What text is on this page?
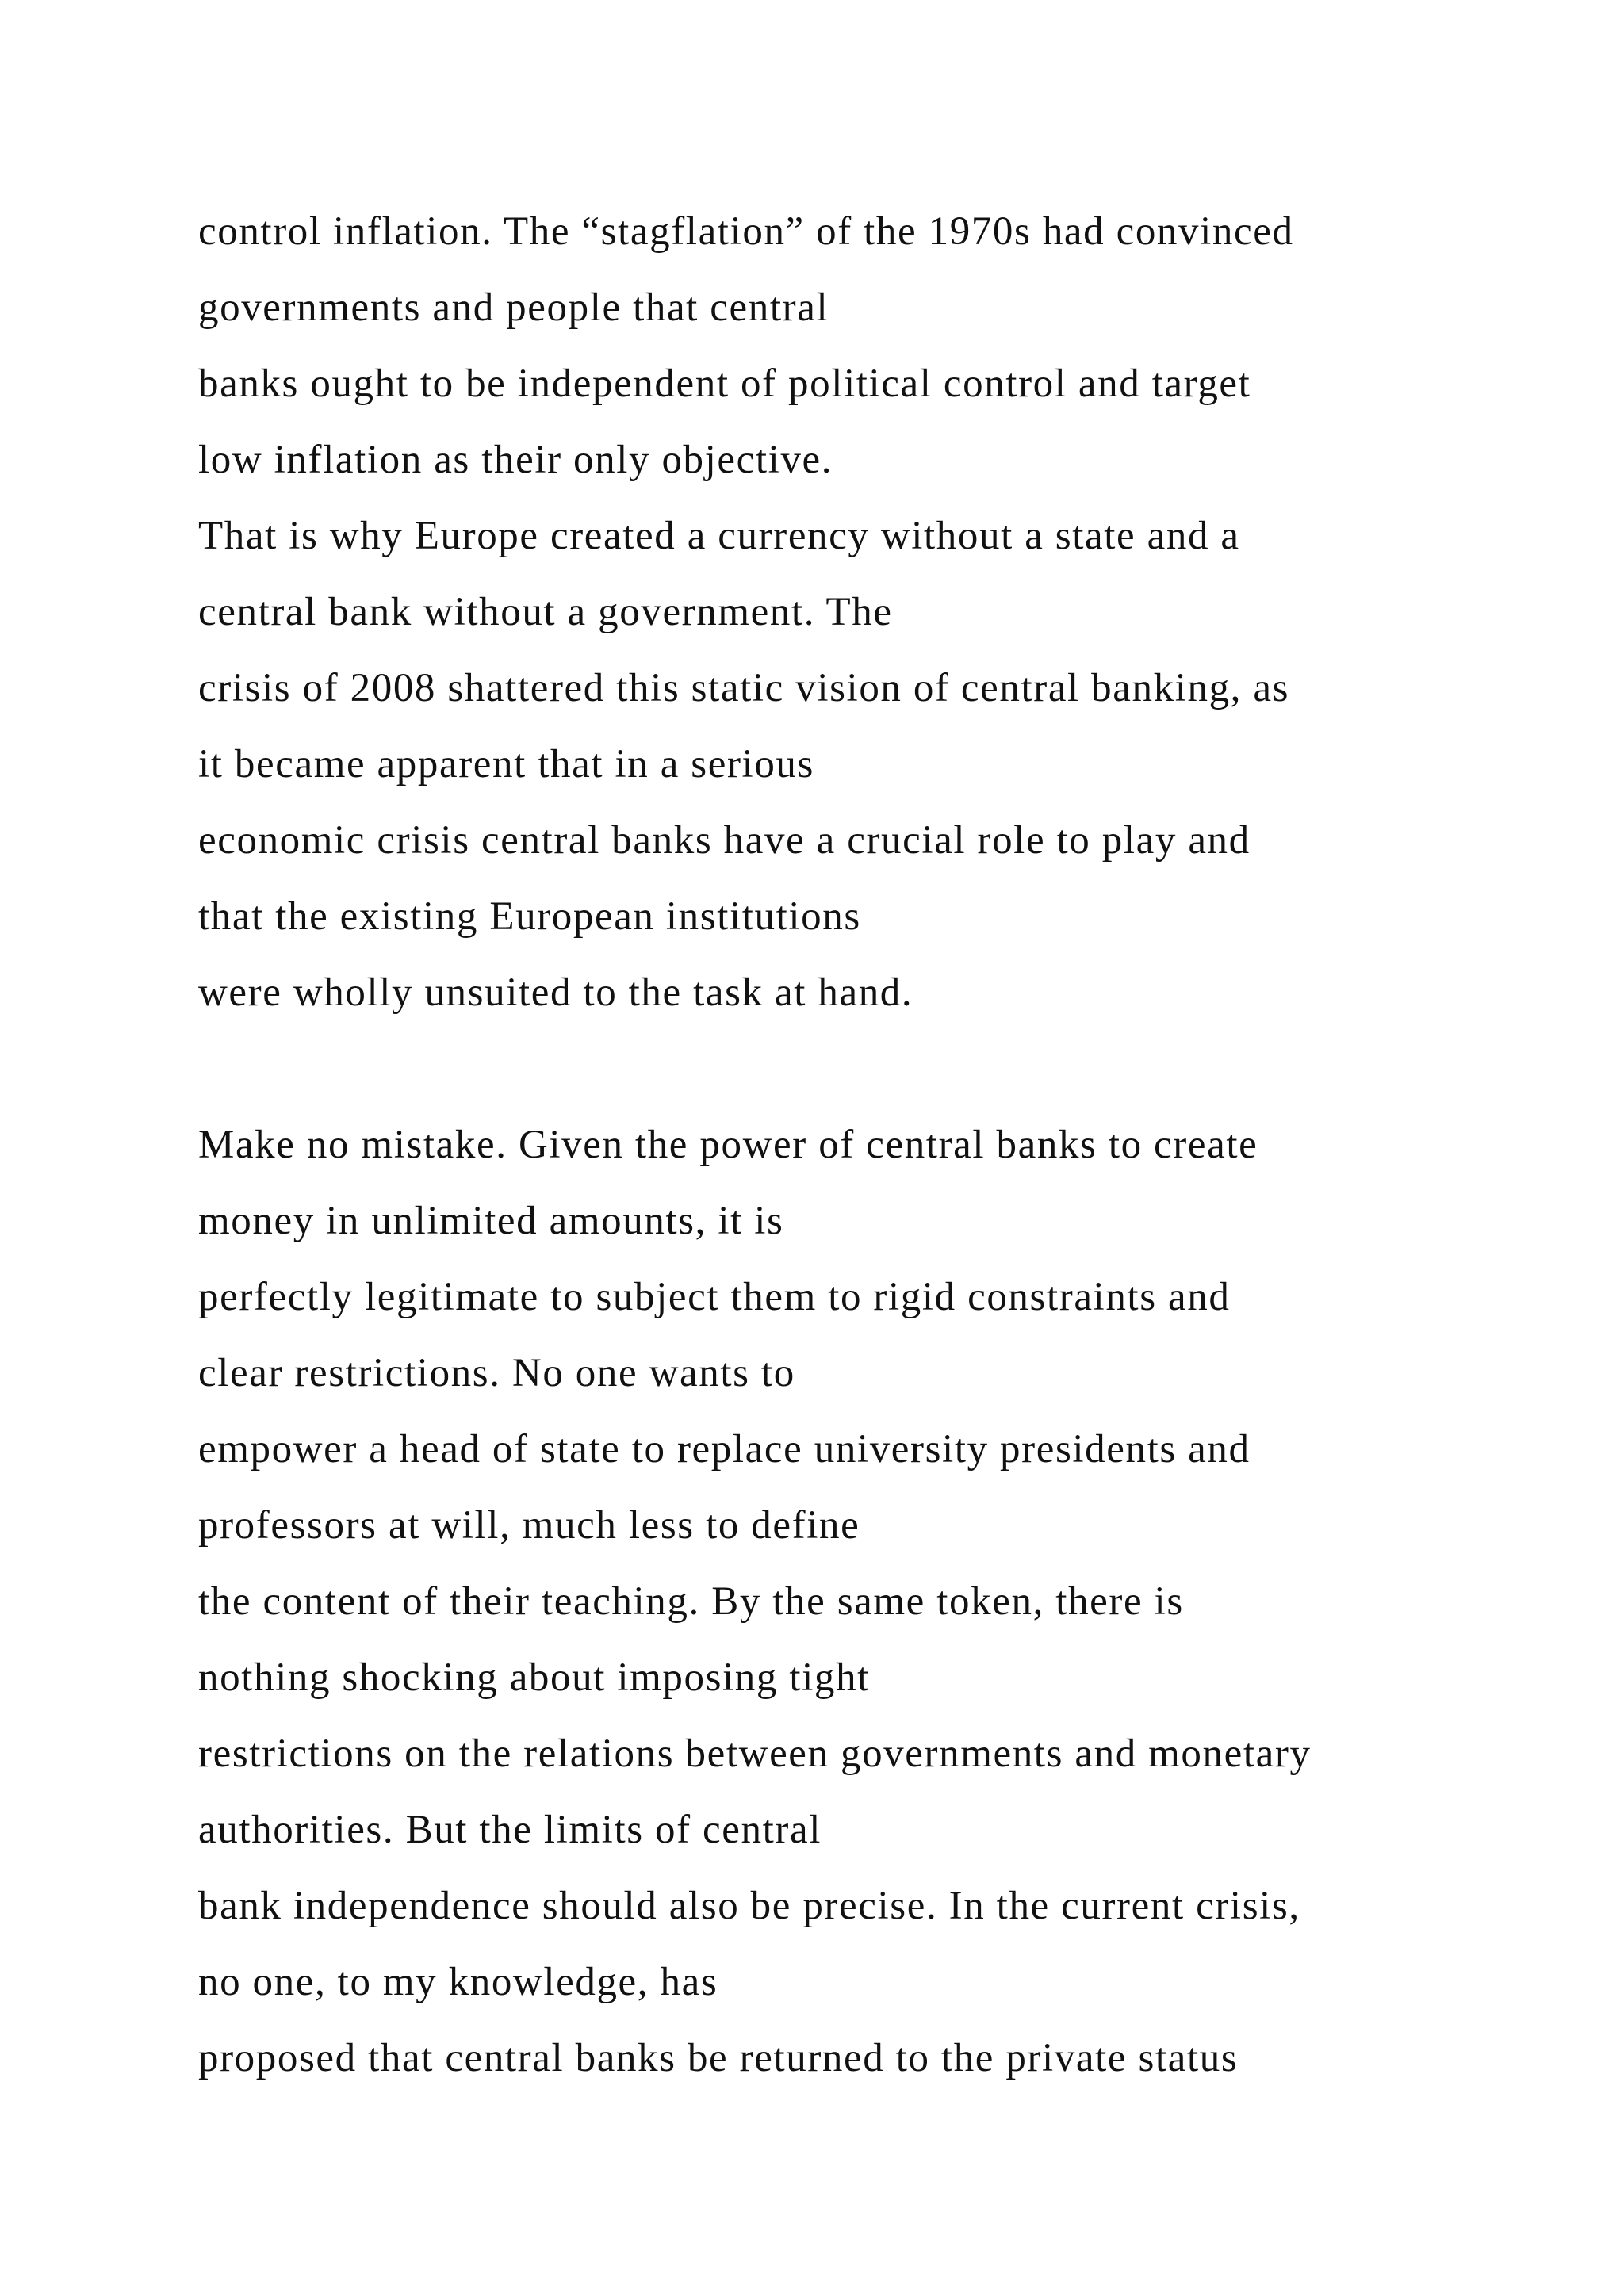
control inflation. The “stagflation” of the 1970s had convinced
governments and people that central
banks ought to be independent of political control and target
low inflation as their only objective.
That is why Europe created a currency without a state and a
central bank without a government. The
crisis of 2008 shattered this static vision of central banking, as
it became apparent that in a serious
economic crisis central banks have a crucial role to play and
that the existing European institutions
were wholly unsuited to the task at hand.
Make no mistake. Given the power of central banks to create
money in unlimited amounts, it is
perfectly legitimate to subject them to rigid constraints and
clear restrictions. No one wants to
empower a head of state to replace university presidents and
professors at will, much less to define
the content of their teaching. By the same token, there is
nothing shocking about imposing tight
restrictions on the relations between governments and monetary
authorities. But the limits of central
bank independence should also be precise. In the current crisis,
no one, to my knowledge, has
proposed that central banks be returned to the private status
